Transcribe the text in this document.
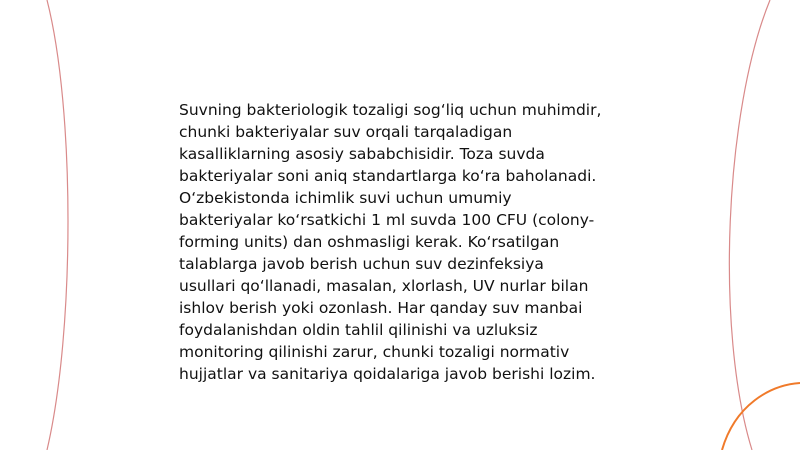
Suvning bakteriologik tozaligi sog‘liq uchun muhimdir,
chunki bakteriyalar suv orqali tarqaladigan
kasalliklarning asosiy sababchisidir. Toza suvda
bakteriyalar soni aniq standartlarga ko‘ra baholanadi.
O‘zbekistonda ichimlik suvi uchun umumiy
bakteriyalar ko‘rsatkichi 1 ml suvda 100 CFU (colony-
forming units) dan oshmasligi kerak. Ko‘rsatilgan
talablarga javob berish uchun suv dezinfeksiya
usullari qo‘llanadi, masalan, xlorlash, UV nurlar bilan
ishlov berish yoki ozonlash. Har qanday suv manbai
foydalanishdan oldin tahlil qilinishi va uzluksiz
monitoring qilinishi zarur, chunki tozaligi normativ
hujjatlar va sanitariya qoidalariga javob berishi lozim.
